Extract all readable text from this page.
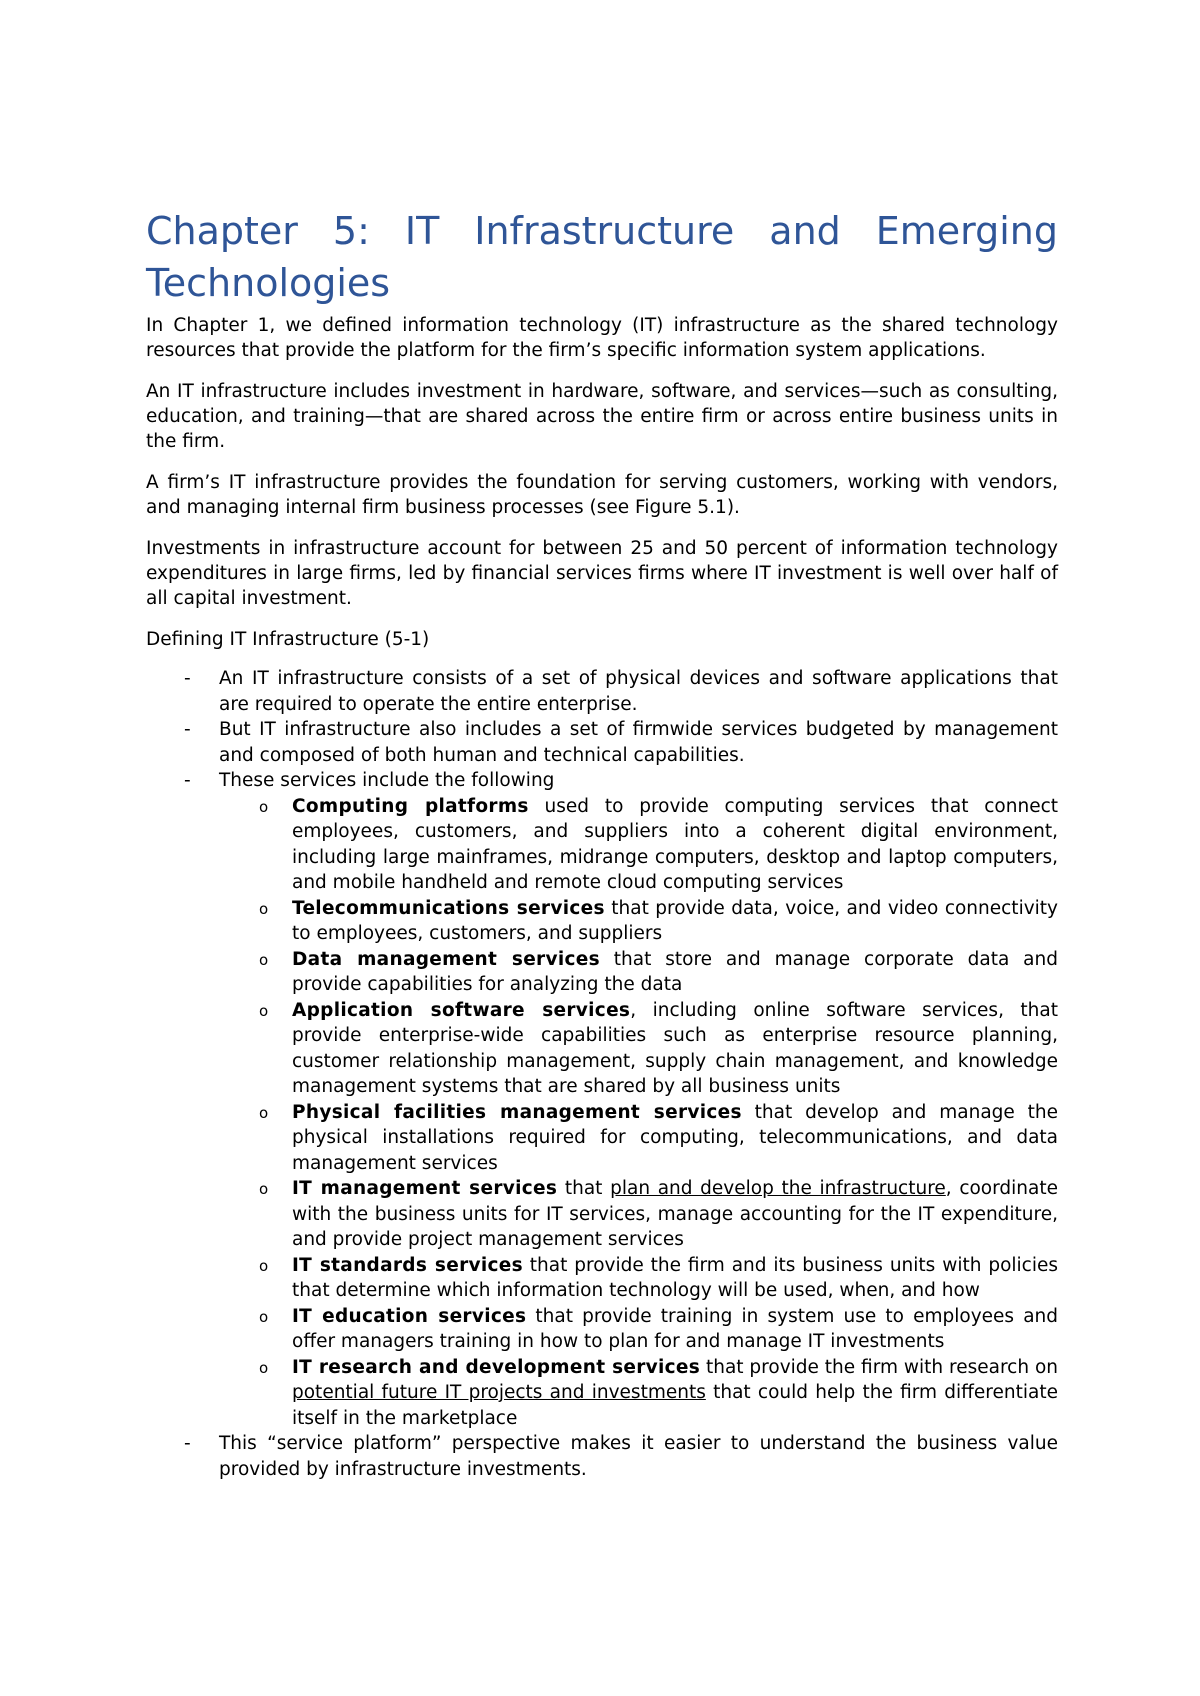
Chapter 5: IT Infrastructure and Emerging Technologies

In Chapter 1, we defined information technology (IT) infrastructure as the shared technology resources that provide the platform for the firm’s specific information system applications.

An IT infrastructure includes investment in hardware, software, and services—such as consulting, education, and training—that are shared across the entire firm or across entire business units in the firm.

A firm’s IT infrastructure provides the foundation for serving customers, working with vendors, and managing internal firm business processes (see Figure 5.1).

Investments in infrastructure account for between 25 and 50 percent of information technology expenditures in large firms, led by financial services firms where IT investment is well over half of all capital investment.

Defining IT Infrastructure (5-1)

- An IT infrastructure consists of a set of physical devices and software applications that are required to operate the entire enterprise.
- But IT infrastructure also includes a set of firmwide services budgeted by management and composed of both human and technical capabilities.
- These services include the following
o Computing platforms used to provide computing services that connect employees, customers, and suppliers into a coherent digital environment, including large mainframes, midrange computers, desktop and laptop computers, and mobile handheld and remote cloud computing services
o Telecommunications services that provide data, voice, and video connectivity to employees, customers, and suppliers
o Data management services that store and manage corporate data and provide capabilities for analyzing the data
o Application software services, including online software services, that provide enterprise-wide capabilities such as enterprise resource planning, customer relationship management, supply chain management, and knowledge management systems that are shared by all business units
o Physical facilities management services that develop and manage the physical installations required for computing, telecommunications, and data management services
o IT management services that plan and develop the infrastructure, coordinate with the business units for IT services, manage accounting for the IT expenditure, and provide project management services
o IT standards services that provide the firm and its business units with policies that determine which information technology will be used, when, and how
o IT education services that provide training in system use to employees and offer managers training in how to plan for and manage IT investments
o IT research and development services that provide the firm with research on potential future IT projects and investments that could help the firm differentiate itself in the marketplace
- This “service platform” perspective makes it easier to understand the business value provided by infrastructure investments.
